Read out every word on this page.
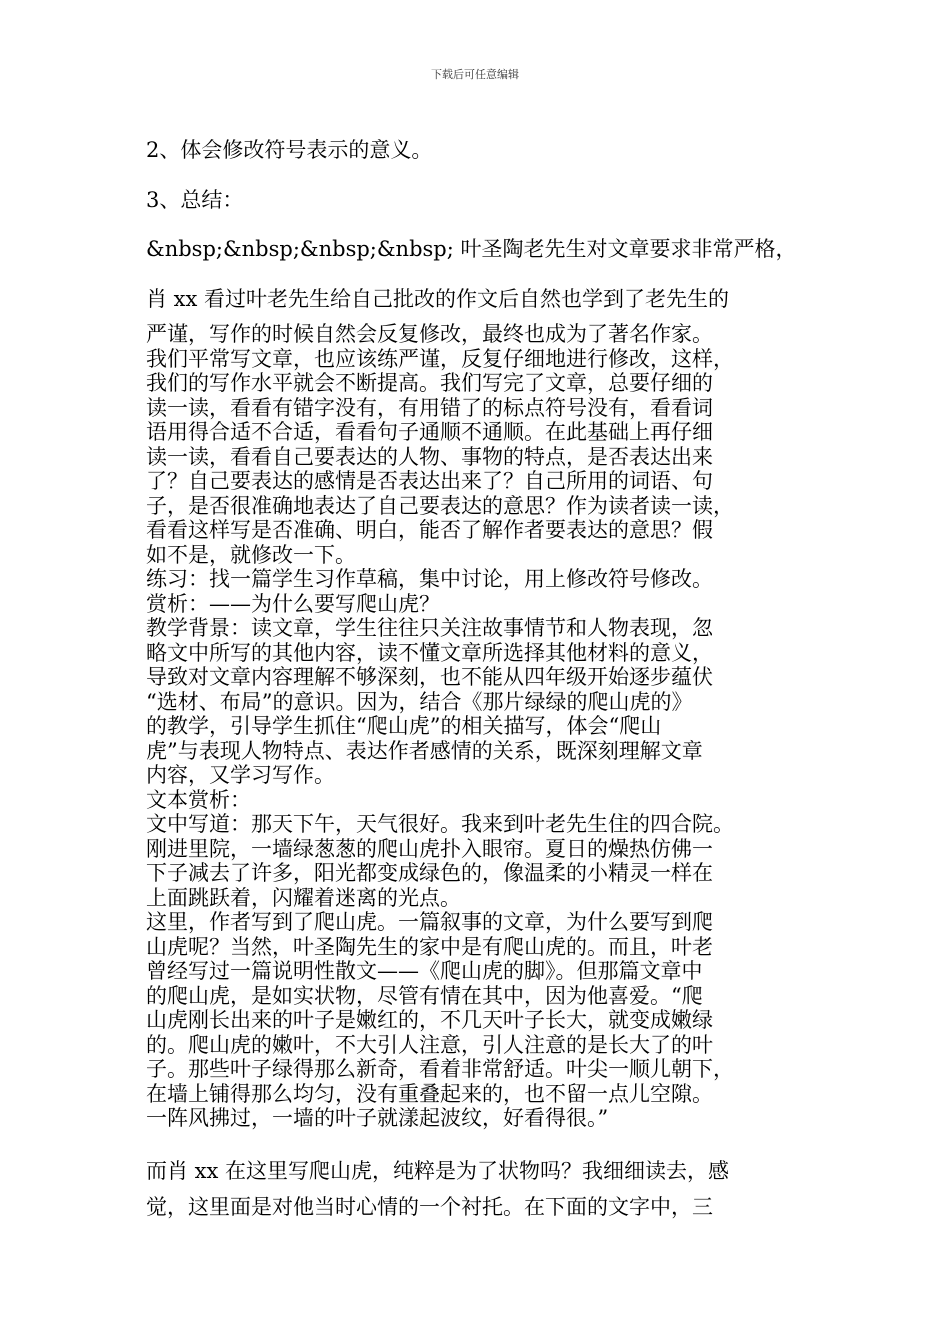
下载后可任意编辑

2、体会修改符号表示的意义。

3、总结：

&nbsp;&nbsp;&nbsp;&nbsp; 叶圣陶老先生对文章要求非常严格，

肖 xx 看过叶老先生给自己批改的作文后自然也学到了老先生的

严谨，写作的时候自然会反复修改，最终也成为了著名作家。

我们平常写文章，也应该练严谨，反复仔细地进行修改，这样，

我们的写作水平就会不断提高。我们写完了文章，总要仔细的

读一读，看看有错字没有，有用错了的标点符号没有，看看词

语用得合适不合适，看看句子通顺不通顺。在此基础上再仔细

读一读，看看自己要表达的人物、事物的特点，是否表达出来

了？自己要表达的感情是否表达出来了？自己所用的词语、句

子，是否很准确地表达了自己要表达的意思？作为读者读一读，

看看这样写是否准确、明白，能否了解作者要表达的意思？假

如不是，就修改一下。

练习：找一篇学生习作草稿，集中讨论，用上修改符号修改。

赏析：——为什么要写爬山虎？

教学背景：读文章，学生往往只关注故事情节和人物表现，忽

略文中所写的其他内容，读不懂文章所选择其他材料的意义，

导致对文章内容理解不够深刻，也不能从四年级开始逐步蕴伏

“选材、布局”的意识。因为，结合《那片绿绿的爬山虎的》

的教学，引导学生抓住“爬山虎”的相关描写，体会“爬山

虎”与表现人物特点、表达作者感情的关系，既深刻理解文章

内容，又学习写作。

文本赏析：

文中写道：那天下午，天气很好。我来到叶老先生住的四合院。

刚进里院，一墙绿葱葱的爬山虎扑入眼帘。夏日的燥热仿佛一

下子减去了许多，阳光都变成绿色的，像温柔的小精灵一样在

上面跳跃着，闪耀着迷离的光点。

这里，作者写到了爬山虎。一篇叙事的文章，为什么要写到爬

山虎呢？当然，叶圣陶先生的家中是有爬山虎的。而且，叶老

曾经写过一篇说明性散文——《爬山虎的脚》。但那篇文章中

的爬山虎，是如实状物，尽管有情在其中，因为他喜爱。“爬

山虎刚长出来的叶子是嫩红的，不几天叶子长大，就变成嫩绿

的。爬山虎的嫩叶，不大引人注意，引人注意的是长大了的叶

子。那些叶子绿得那么新奇，看着非常舒适。叶尖一顺儿朝下，

在墙上铺得那么均匀，没有重叠起来的，也不留一点儿空隙。

一阵风拂过，一墙的叶子就漾起波纹，好看得很。”

而肖 xx 在这里写爬山虎，纯粹是为了状物吗？我细细读去，感

觉，这里面是对他当时心情的一个衬托。在下面的文字中，三
